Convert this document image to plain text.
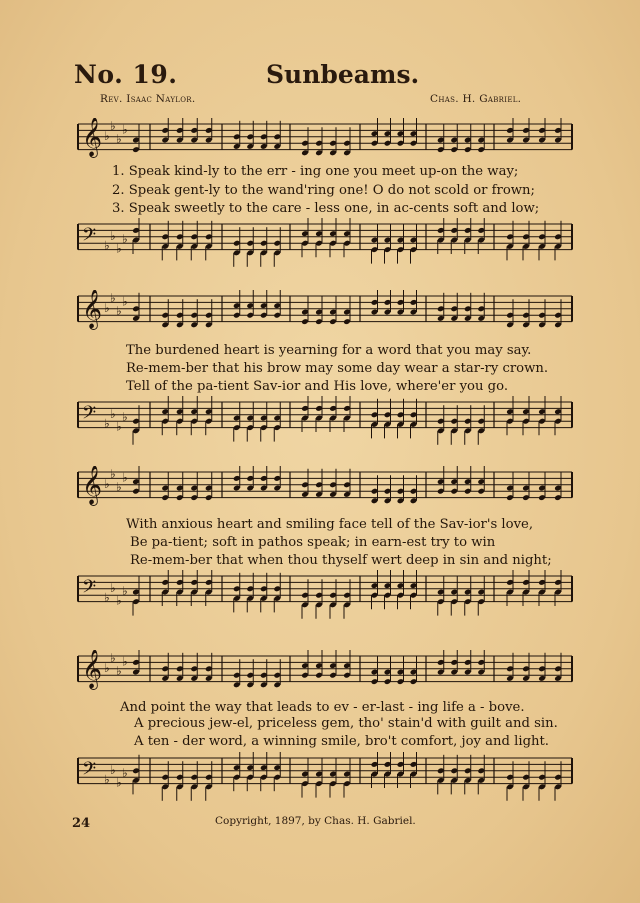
No. 19.	Sunbeams.
Rev. Isaac Naylor.	Chas. H. Gabriel.
𝄞 ♭
♭
♭
♭
1. Speak kind-ly to the err - ing one you meet up-on the way;
2. Speak gent-ly to the wand'ring one! O do not scold or frown;
3. Speak sweetly to the care - less one, in ac-cents soft and low;
𝄢 ♭
♭
♭
♭
𝄞 ♭
♭
♭
♭
The burdened heart is yearning for a word that you may say.
Re-mem-ber that his brow may some day wear a star-ry crown.
Tell of the pa-tient Sav-ior and His love, where'er you go.
𝄢 ♭
♭
♭
♭
𝄞 ♭
♭
♭
♭
With anxious heart and smiling face tell of the Sav-ior's love,
Be pa-tient; soft in pathos speak; in earn-est try to win
Re-mem-ber that when thou thyself wert deep in sin and night;
𝄢 ♭
♭
♭
♭
𝄞 ♭
♭
♭
♭
And point the way that leads to ev - er-last - ing life a - bove.
A precious jew-el, priceless gem, tho' stain'd with guilt and sin.
A ten - der word, a winning smile, bro't comfort, joy and light.
𝄢 ♭
♭
♭
♭
24	Copyright, 1897, by Chas. H. Gabriel.
